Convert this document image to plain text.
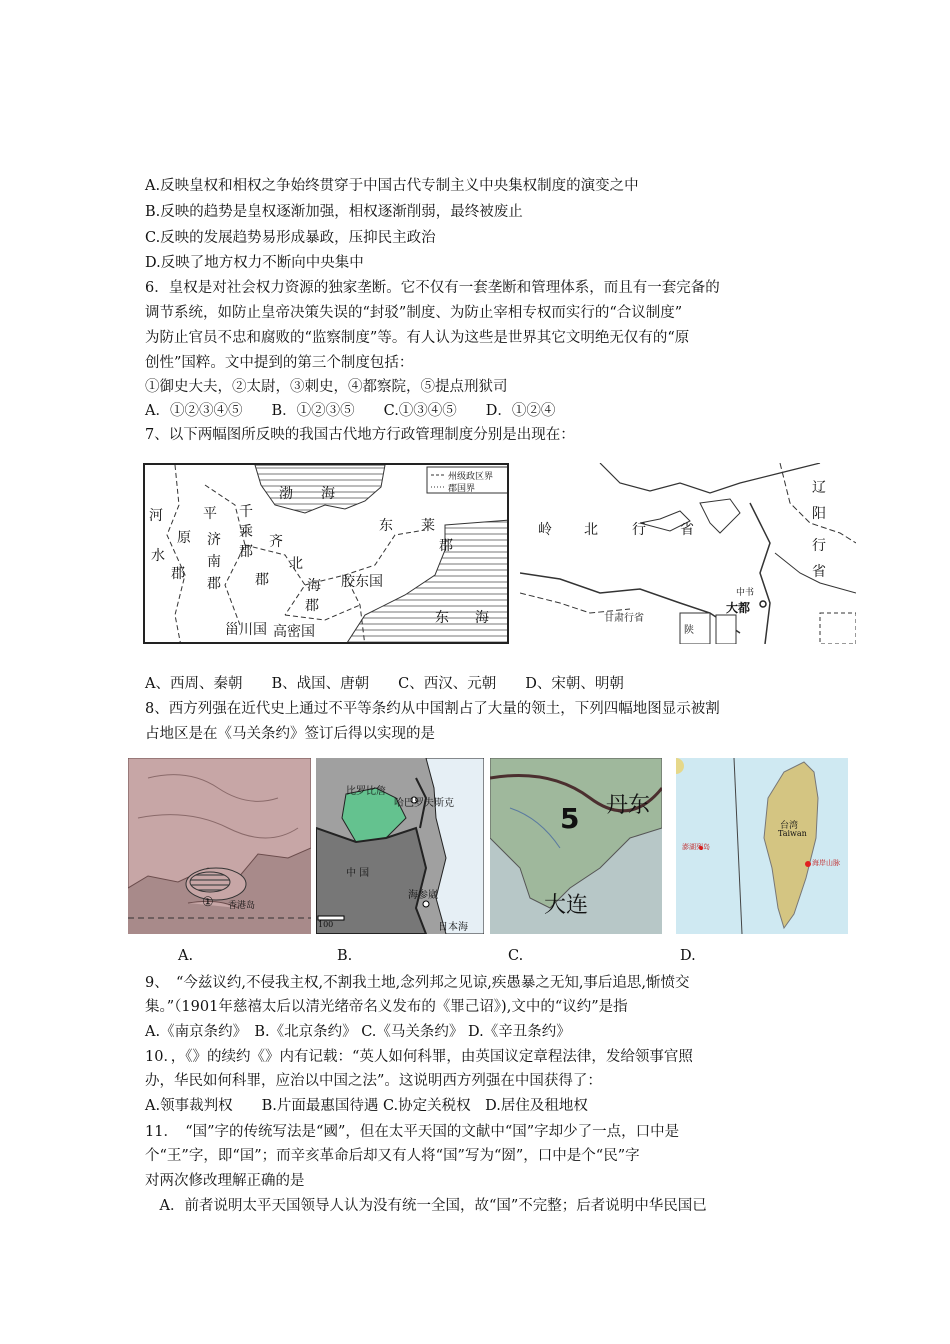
A.反映皇权和相权之争始终贯穿于中国古代专制主义中央集权制度的演变之中
B.反映的趋势是皇权逐渐加强，相权逐渐削弱，最终被废止
C.反映的发展趋势易形成暴政，压抑民主政治
D.反映了地方权力不断向中央集中
6．皇权是对社会权力资源的独家垄断。它不仅有一套垄断和管理体系，而且有一套完备的
调节系统，如防止皇帝决策失误的“封驳”制度、为防止宰相专权而实行的“合议制度”
为防止官员不忠和腐败的“监察制度”等。有人认为这些是世界其它文明绝无仅有的“原
创性”国粹。文中提到的第三个制度包括：
①御史大夫，②太尉，③刺史，④都察院，⑤提点刑狱司
A．①②③④⑤　　B．①②③⑤　　C.①③④⑤　　D．①②④
7、以下两幅图所反映的我国古代地方行政管理制度分别是出现在：
州级政区界
郡国界
渤 海
河	平 千
乘
郡
东 莱
原 济	齐	郡
水	南
郡
郡
北
胶东国
海
郡
郡
东 海
甾川国 高密国
辽
阳
行
省
岭 北 行 省
大都
甘肃行省
陕
中书
A、西周、秦朝　　B、战国、唐朝　　C、西汉、元朝　　D、宋朝、明朝
8、西方列强在近代史上通过不平等条约从中国割占了大量的领土，下列四幅地图显示被割
占地区是在《马关条约》签订后得以实现的是
香港岛
①
比罗比詹
哈巴罗夫斯克
中 国
海参崴
日本海
100
5 丹东
大连
台湾
Taiwan
澎湖列岛
海岸山脉
A.	B.	C.	D.
9、　“今兹议约,不侵我主权,不割我土地,念列邦之见谅,疾愚暴之无知,事后追思,惭愤交
集。”（1901年慈禧太后以清光绪帝名义发布的《罪己诏》),文中的“议约”是指
A.《南京条约》　B.《北京条约》 C.《马关条约》 D.《辛丑条约》
10．，《》的续约《》内有记载：“英人如何科罪，由英国议定章程法律，发给领事官照
办，华民如何科罪，应治以中国之法”。这说明西方列强在中国获得了：
A.领事裁判权　　B.片面最惠国待遇 C.协定关税权　D.居住及租地权
11．　“国”字的传统写法是“國”，但在太平天国的文献中“国”字却少了一点，口中是
个“王”字，即“囯”；而辛亥革命后却又有人将“国”写为“圀”，口中是个“民”字
对两次修改理解正确的是
　A．前者说明太平天国领导人认为没有统一全国，故“国”不完整；后者说明中华民国已
